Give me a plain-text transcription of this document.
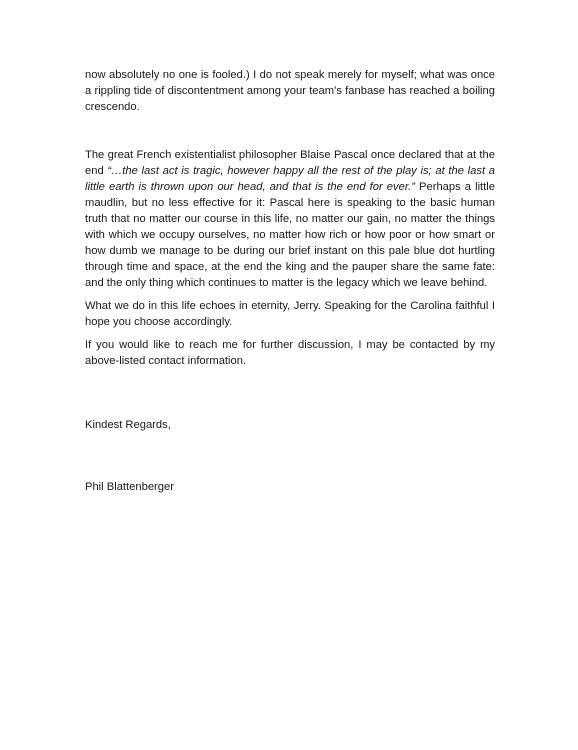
now absolutely no one is fooled.) I do not speak merely for myself; what was once a rippling tide of discontentment among your team’s fanbase has reached a boiling crescendo.

The great French existentialist philosopher Blaise Pascal once declared that at the end “…the last act is tragic, however happy all the rest of the play is; at the last a little earth is thrown upon our head, and that is the end for ever.” Perhaps a little maudlin, but no less effective for it: Pascal here is speaking to the basic human truth that no matter our course in this life, no matter our gain, no matter the things with which we occupy ourselves, no matter how rich or how poor or how smart or how dumb we manage to be during our brief instant on this pale blue dot hurtling through time and space, at the end the king and the pauper share the same fate: and the only thing which continues to matter is the legacy which we leave behind.

What we do in this life echoes in eternity, Jerry. Speaking for the Carolina faithful I hope you choose accordingly.

If you would like to reach me for further discussion, I may be contacted by my above-listed contact information.

Kindest Regards,

Phil Blattenberger
